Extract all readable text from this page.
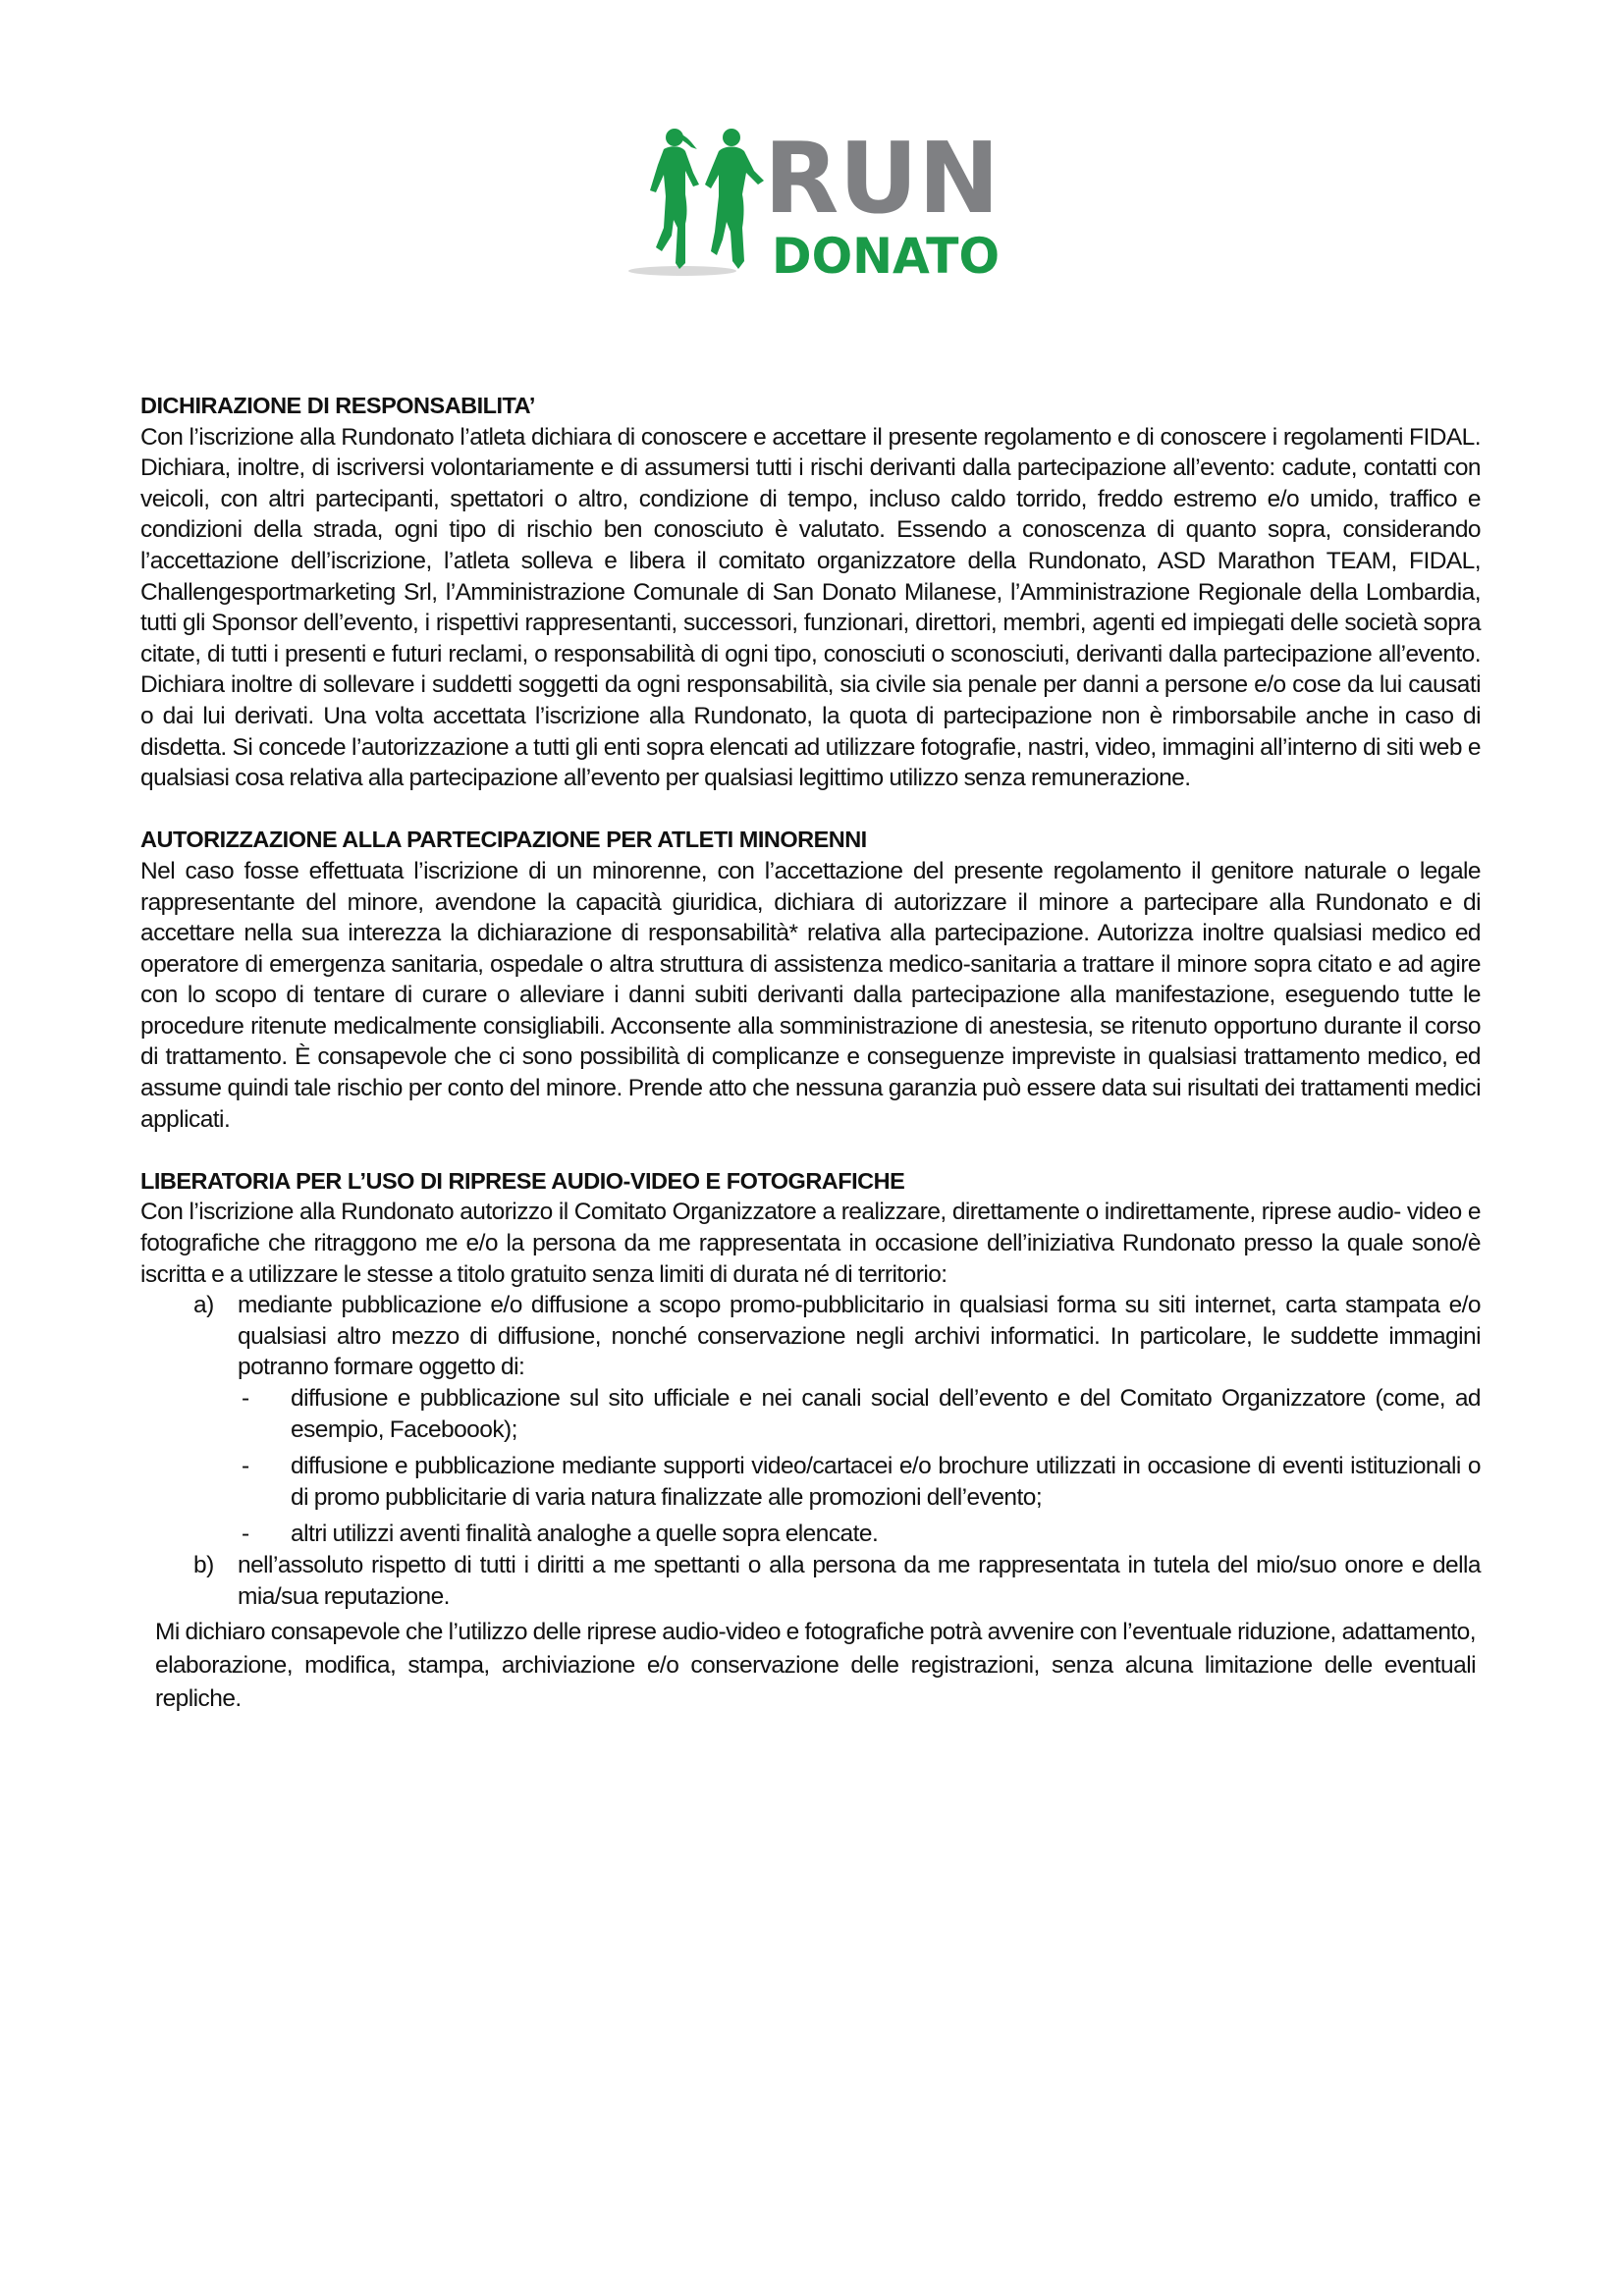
RUN
DONATO
DICHIRAZIONE DI RESPONSABILITA’

Con l’iscrizione alla Rundonato l’atleta dichiara di conoscere e accettare il presente regolamento e di conoscere i regolamenti FIDAL. Dichiara, inoltre, di iscriversi volontariamente e di assumersi tutti i rischi derivanti dalla partecipazione all’evento: cadute, contatti con veicoli, con altri partecipanti, spettatori o altro, condizione di tempo, incluso caldo torrido, freddo estremo e/o umido, traffico e condizioni della strada, ogni tipo di rischio ben conosciuto è valutato. Essendo a conoscenza di quanto sopra, considerando l’accettazione dell’iscrizione, l’atleta solleva e libera il comitato organizzatore della Rundonato, ASD Marathon TEAM, FIDAL, Challengesportmarketing Srl, l’Amministrazione Comunale di San Donato Milanese, l’Amministrazione Regionale della Lombardia, tutti gli Sponsor dell’evento, i rispettivi rappresentanti, successori, funzionari, direttori, membri, agenti ed impiegati delle società sopra citate, di tutti i presenti e futuri reclami, o responsabilità di ogni tipo, conosciuti o sconosciuti, derivanti dalla partecipazione all’evento. Dichiara inoltre di sollevare i suddetti soggetti da ogni responsabilità, sia civile sia penale per danni a persone e/o cose da lui causati o dai lui derivati. Una volta accettata l’iscrizione alla Rundonato, la quota di partecipazione non è rimborsabile anche in caso di disdetta. Si concede l’autorizzazione a tutti gli enti sopra elencati ad utilizzare fotografie, nastri, video, immagini all’interno di siti web e qualsiasi cosa relativa alla partecipazione all’evento per qualsiasi legittimo utilizzo senza remunerazione.

AUTORIZZAZIONE ALLA PARTECIPAZIONE PER ATLETI MINORENNI

Nel caso fosse effettuata l’iscrizione di un minorenne, con l’accettazione del presente regolamento il genitore naturale o legale rappresentante del minore, avendone la capacità giuridica, dichiara di autorizzare il minore a partecipare alla Rundonato e di accettare nella sua interezza la dichiarazione di responsabilità* relativa alla partecipazione. Autorizza inoltre qualsiasi medico ed operatore di emergenza sanitaria, ospedale o altra struttura di assistenza medico-sanitaria a trattare il minore sopra citato e ad agire con lo scopo di tentare di curare o alleviare i danni subiti derivanti dalla partecipazione alla manifestazione, eseguendo tutte le procedure ritenute medicalmente consigliabili. Acconsente alla somministrazione di anestesia, se ritenuto opportuno durante il corso di trattamento. È consapevole che ci sono possibilità di complicanze e conseguenze impreviste in qualsiasi trattamento medico, ed assume quindi tale rischio per conto del minore. Prende atto che nessuna garanzia può essere data sui risultati dei trattamenti medici applicati.

LIBERATORIA PER L’USO DI RIPRESE AUDIO-VIDEO E FOTOGRAFICHE

Con l’iscrizione alla Rundonato autorizzo il Comitato Organizzatore a realizzare, direttamente o indirettamente, riprese audio- video e fotografiche che ritraggono me e/o la persona da me rappresentata in occasione dell’iniziativa Rundonato presso la quale sono/è iscritta e a utilizzare le stesse a titolo gratuito senza limiti di durata né di territorio:

a) mediante pubblicazione e/o diffusione a scopo promo-pubblicitario in qualsiasi forma su siti internet, carta stampata e/o qualsiasi altro mezzo di diffusione, nonché conservazione negli archivi informatici. In particolare, le suddette immagini potranno formare oggetto di:
- diffusione e pubblicazione sul sito ufficiale e nei canali social dell’evento e del Comitato Organizzatore (come, ad esempio, Faceboook);
- diffusione e pubblicazione mediante supporti video/cartacei e/o brochure utilizzati in occasione di eventi istituzionali o di promo pubblicitarie di varia natura finalizzate alle promozioni dell’evento;
- altri utilizzi aventi finalità analoghe a quelle sopra elencate.
b) nell’assoluto rispetto di tutti i diritti a me spettanti o alla persona da me rappresentata in tutela del mio/suo onore e della mia/sua reputazione.

Mi dichiaro consapevole che l’utilizzo delle riprese audio-video e fotografiche potrà avvenire con l’eventuale riduzione, adattamento, elaborazione, modifica, stampa, archiviazione e/o conservazione delle registrazioni, senza alcuna limitazione delle eventuali repliche.
